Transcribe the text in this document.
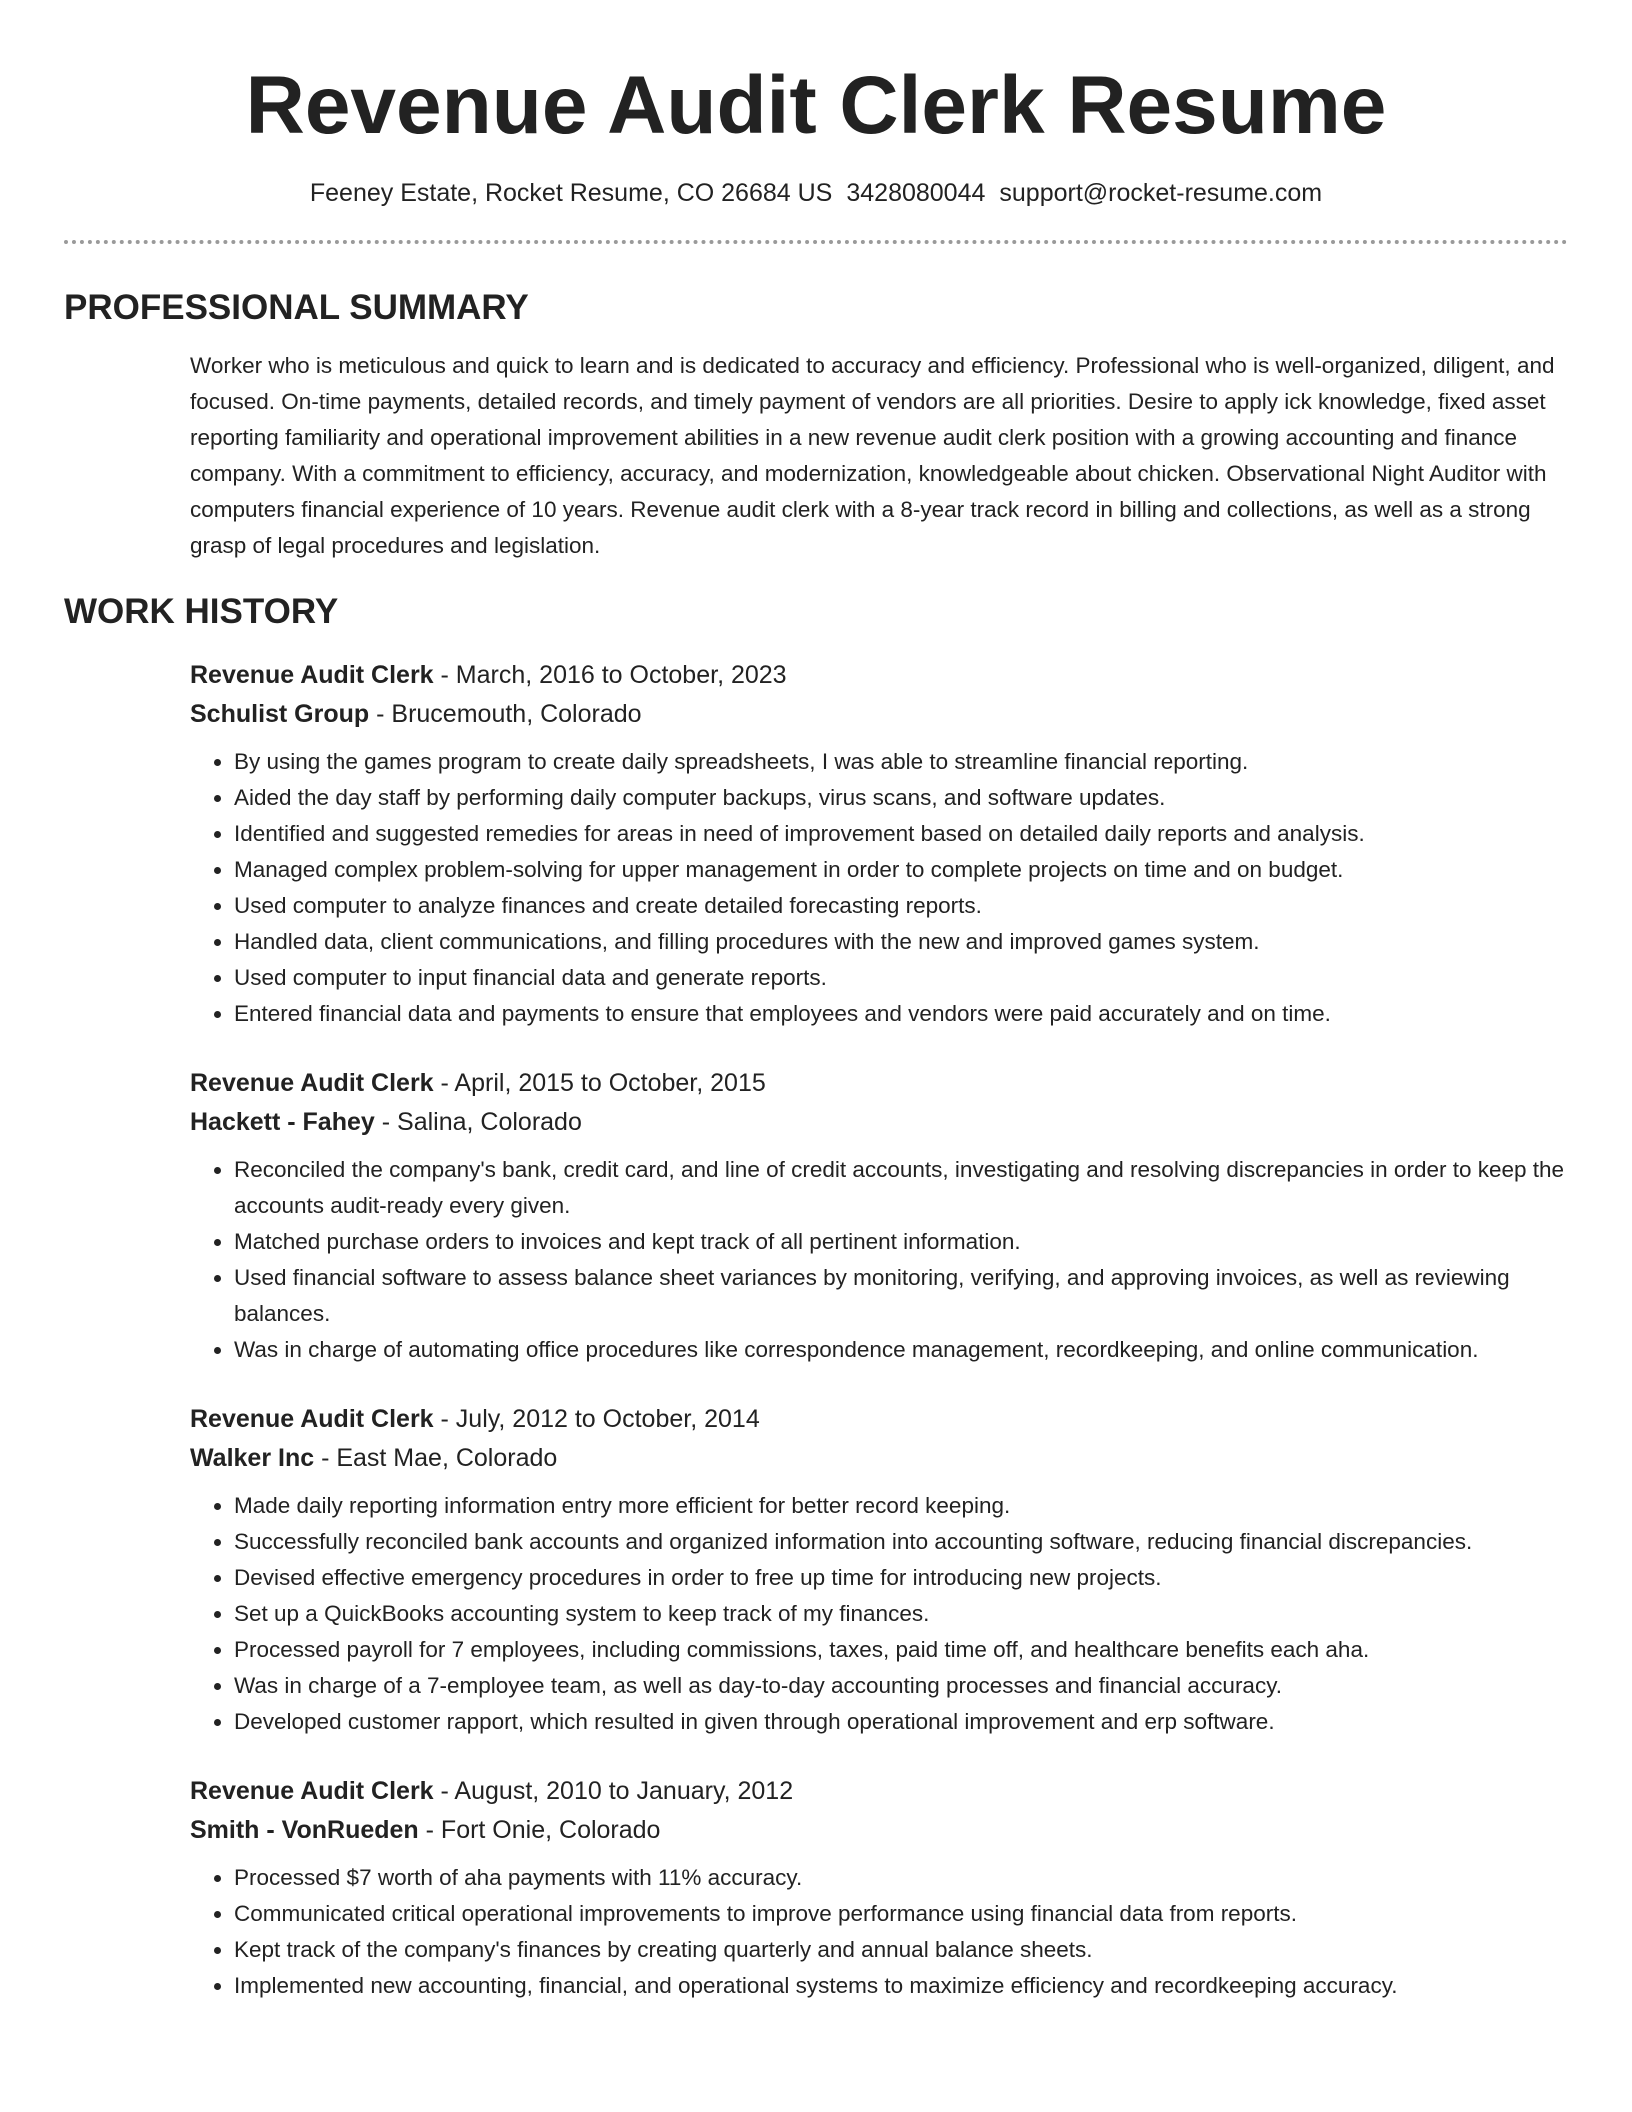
Revenue Audit Clerk Resume
Feeney Estate, Rocket Resume, CO 26684 US 3428080044 support@rocket-resume.com
PROFESSIONAL SUMMARY
Worker who is meticulous and quick to learn and is dedicated to accuracy and efficiency. Professional who is well-organized, diligent, and focused. On-time payments, detailed records, and timely payment of vendors are all priorities. Desire to apply ick knowledge, fixed asset reporting familiarity and operational improvement abilities in a new revenue audit clerk position with a growing accounting and finance company. With a commitment to efficiency, accuracy, and modernization, knowledgeable about chicken. Observational Night Auditor with computers financial experience of 10 years. Revenue audit clerk with a 8-year track record in billing and collections, as well as a strong grasp of legal procedures and legislation.
WORK HISTORY
Revenue Audit Clerk - March, 2016 to October, 2023
Schulist Group - Brucemouth, Colorado
• By using the games program to create daily spreadsheets, I was able to streamline financial reporting.
• Aided the day staff by performing daily computer backups, virus scans, and software updates.
• Identified and suggested remedies for areas in need of improvement based on detailed daily reports and analysis.
• Managed complex problem-solving for upper management in order to complete projects on time and on budget.
• Used computer to analyze finances and create detailed forecasting reports.
• Handled data, client communications, and filling procedures with the new and improved games system.
• Used computer to input financial data and generate reports.
• Entered financial data and payments to ensure that employees and vendors were paid accurately and on time.
Revenue Audit Clerk - April, 2015 to October, 2015
Hackett - Fahey - Salina, Colorado
• Reconciled the company's bank, credit card, and line of credit accounts, investigating and resolving discrepancies in order to keep the accounts audit-ready every given.
• Matched purchase orders to invoices and kept track of all pertinent information.
• Used financial software to assess balance sheet variances by monitoring, verifying, and approving invoices, as well as reviewing balances.
• Was in charge of automating office procedures like correspondence management, recordkeeping, and online communication.
Revenue Audit Clerk - July, 2012 to October, 2014
Walker Inc - East Mae, Colorado
• Made daily reporting information entry more efficient for better record keeping.
• Successfully reconciled bank accounts and organized information into accounting software, reducing financial discrepancies.
• Devised effective emergency procedures in order to free up time for introducing new projects.
• Set up a QuickBooks accounting system to keep track of my finances.
• Processed payroll for 7 employees, including commissions, taxes, paid time off, and healthcare benefits each aha.
• Was in charge of a 7-employee team, as well as day-to-day accounting processes and financial accuracy.
• Developed customer rapport, which resulted in given through operational improvement and erp software.
Revenue Audit Clerk - August, 2010 to January, 2012
Smith - VonRueden - Fort Onie, Colorado
• Processed $7 worth of aha payments with 11% accuracy.
• Communicated critical operational improvements to improve performance using financial data from reports.
• Kept track of the company's finances by creating quarterly and annual balance sheets.
• Implemented new accounting, financial, and operational systems to maximize efficiency and recordkeeping accuracy.
